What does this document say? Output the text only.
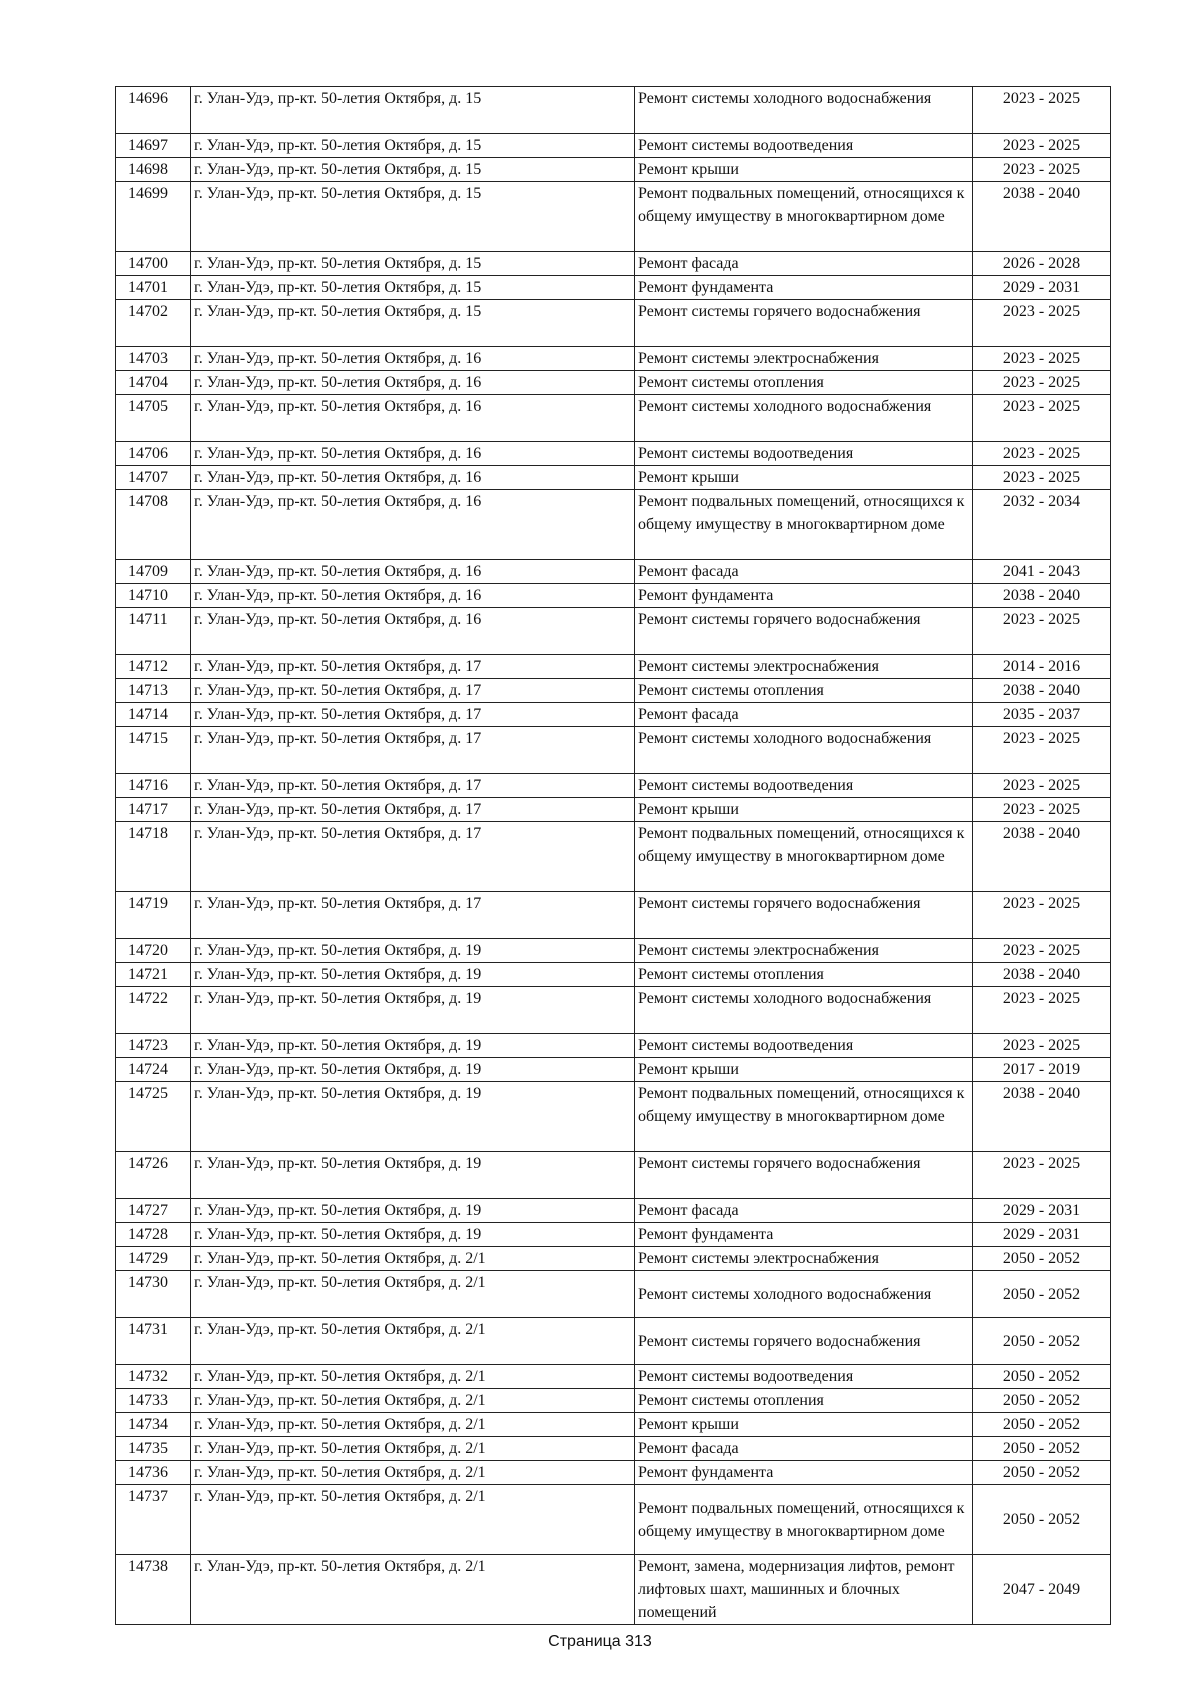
14696	г. Улан-Удэ, пр-кт. 50-летия Октября, д. 15	Ремонт системы холодного водоснабжения	2023 - 2025
14697	г. Улан-Удэ, пр-кт. 50-летия Октября, д. 15	Ремонт системы водоотведения	2023 - 2025
14698	г. Улан-Удэ, пр-кт. 50-летия Октября, д. 15	Ремонт крыши	2023 - 2025
14699	г. Улан-Удэ, пр-кт. 50-летия Октября, д. 15	Ремонт подвальных помещений, относящихся к общему имуществу в многоквартирном доме	2038 - 2040
14700	г. Улан-Удэ, пр-кт. 50-летия Октября, д. 15	Ремонт фасада	2026 - 2028
14701	г. Улан-Удэ, пр-кт. 50-летия Октября, д. 15	Ремонт фундамента	2029 - 2031
14702	г. Улан-Удэ, пр-кт. 50-летия Октября, д. 15	Ремонт системы горячего водоснабжения	2023 - 2025
14703	г. Улан-Удэ, пр-кт. 50-летия Октября, д. 16	Ремонт системы электроснабжения	2023 - 2025
14704	г. Улан-Удэ, пр-кт. 50-летия Октября, д. 16	Ремонт системы отопления	2023 - 2025
14705	г. Улан-Удэ, пр-кт. 50-летия Октября, д. 16	Ремонт системы холодного водоснабжения	2023 - 2025
14706	г. Улан-Удэ, пр-кт. 50-летия Октября, д. 16	Ремонт системы водоотведения	2023 - 2025
14707	г. Улан-Удэ, пр-кт. 50-летия Октября, д. 16	Ремонт крыши	2023 - 2025
14708	г. Улан-Удэ, пр-кт. 50-летия Октября, д. 16	Ремонт подвальных помещений, относящихся к общему имуществу в многоквартирном доме	2032 - 2034
14709	г. Улан-Удэ, пр-кт. 50-летия Октября, д. 16	Ремонт фасада	2041 - 2043
14710	г. Улан-Удэ, пр-кт. 50-летия Октября, д. 16	Ремонт фундамента	2038 - 2040
14711	г. Улан-Удэ, пр-кт. 50-летия Октября, д. 16	Ремонт системы горячего водоснабжения	2023 - 2025
14712	г. Улан-Удэ, пр-кт. 50-летия Октября, д. 17	Ремонт системы электроснабжения	2014 - 2016
14713	г. Улан-Удэ, пр-кт. 50-летия Октября, д. 17	Ремонт системы отопления	2038 - 2040
14714	г. Улан-Удэ, пр-кт. 50-летия Октября, д. 17	Ремонт фасада	2035 - 2037
14715	г. Улан-Удэ, пр-кт. 50-летия Октября, д. 17	Ремонт системы холодного водоснабжения	2023 - 2025
14716	г. Улан-Удэ, пр-кт. 50-летия Октября, д. 17	Ремонт системы водоотведения	2023 - 2025
14717	г. Улан-Удэ, пр-кт. 50-летия Октября, д. 17	Ремонт крыши	2023 - 2025
14718	г. Улан-Удэ, пр-кт. 50-летия Октября, д. 17	Ремонт подвальных помещений, относящихся к общему имуществу в многоквартирном доме	2038 - 2040
14719	г. Улан-Удэ, пр-кт. 50-летия Октября, д. 17	Ремонт системы горячего водоснабжения	2023 - 2025
14720	г. Улан-Удэ, пр-кт. 50-летия Октября, д. 19	Ремонт системы электроснабжения	2023 - 2025
14721	г. Улан-Удэ, пр-кт. 50-летия Октября, д. 19	Ремонт системы отопления	2038 - 2040
14722	г. Улан-Удэ, пр-кт. 50-летия Октября, д. 19	Ремонт системы холодного водоснабжения	2023 - 2025
14723	г. Улан-Удэ, пр-кт. 50-летия Октября, д. 19	Ремонт системы водоотведения	2023 - 2025
14724	г. Улан-Удэ, пр-кт. 50-летия Октября, д. 19	Ремонт крыши	2017 - 2019
14725	г. Улан-Удэ, пр-кт. 50-летия Октября, д. 19	Ремонт подвальных помещений, относящихся к общему имуществу в многоквартирном доме	2038 - 2040
14726	г. Улан-Удэ, пр-кт. 50-летия Октября, д. 19	Ремонт системы горячего водоснабжения	2023 - 2025
14727	г. Улан-Удэ, пр-кт. 50-летия Октября, д. 19	Ремонт фасада	2029 - 2031
14728	г. Улан-Удэ, пр-кт. 50-летия Октября, д. 19	Ремонт фундамента	2029 - 2031
14729	г. Улан-Удэ, пр-кт. 50-летия Октября, д. 2/1	Ремонт системы электроснабжения	2050 - 2052
14730	г. Улан-Удэ, пр-кт. 50-летия Октября, д. 2/1	Ремонт системы холодного водоснабжения	2050 - 2052
14731	г. Улан-Удэ, пр-кт. 50-летия Октября, д. 2/1	Ремонт системы горячего водоснабжения	2050 - 2052
14732	г. Улан-Удэ, пр-кт. 50-летия Октября, д. 2/1	Ремонт системы водоотведения	2050 - 2052
14733	г. Улан-Удэ, пр-кт. 50-летия Октября, д. 2/1	Ремонт системы отопления	2050 - 2052
14734	г. Улан-Удэ, пр-кт. 50-летия Октября, д. 2/1	Ремонт крыши	2050 - 2052
14735	г. Улан-Удэ, пр-кт. 50-летия Октября, д. 2/1	Ремонт фасада	2050 - 2052
14736	г. Улан-Удэ, пр-кт. 50-летия Октября, д. 2/1	Ремонт фундамента	2050 - 2052
14737	г. Улан-Удэ, пр-кт. 50-летия Октября, д. 2/1	Ремонт подвальных помещений, относящихся к общему имуществу в многоквартирном доме	2050 - 2052
14738	г. Улан-Удэ, пр-кт. 50-летия Октября, д. 2/1	Ремонт, замена, модернизация лифтов, ремонт лифтовых шахт, машинных и блочных помещений	2047 - 2049
Страница 313
